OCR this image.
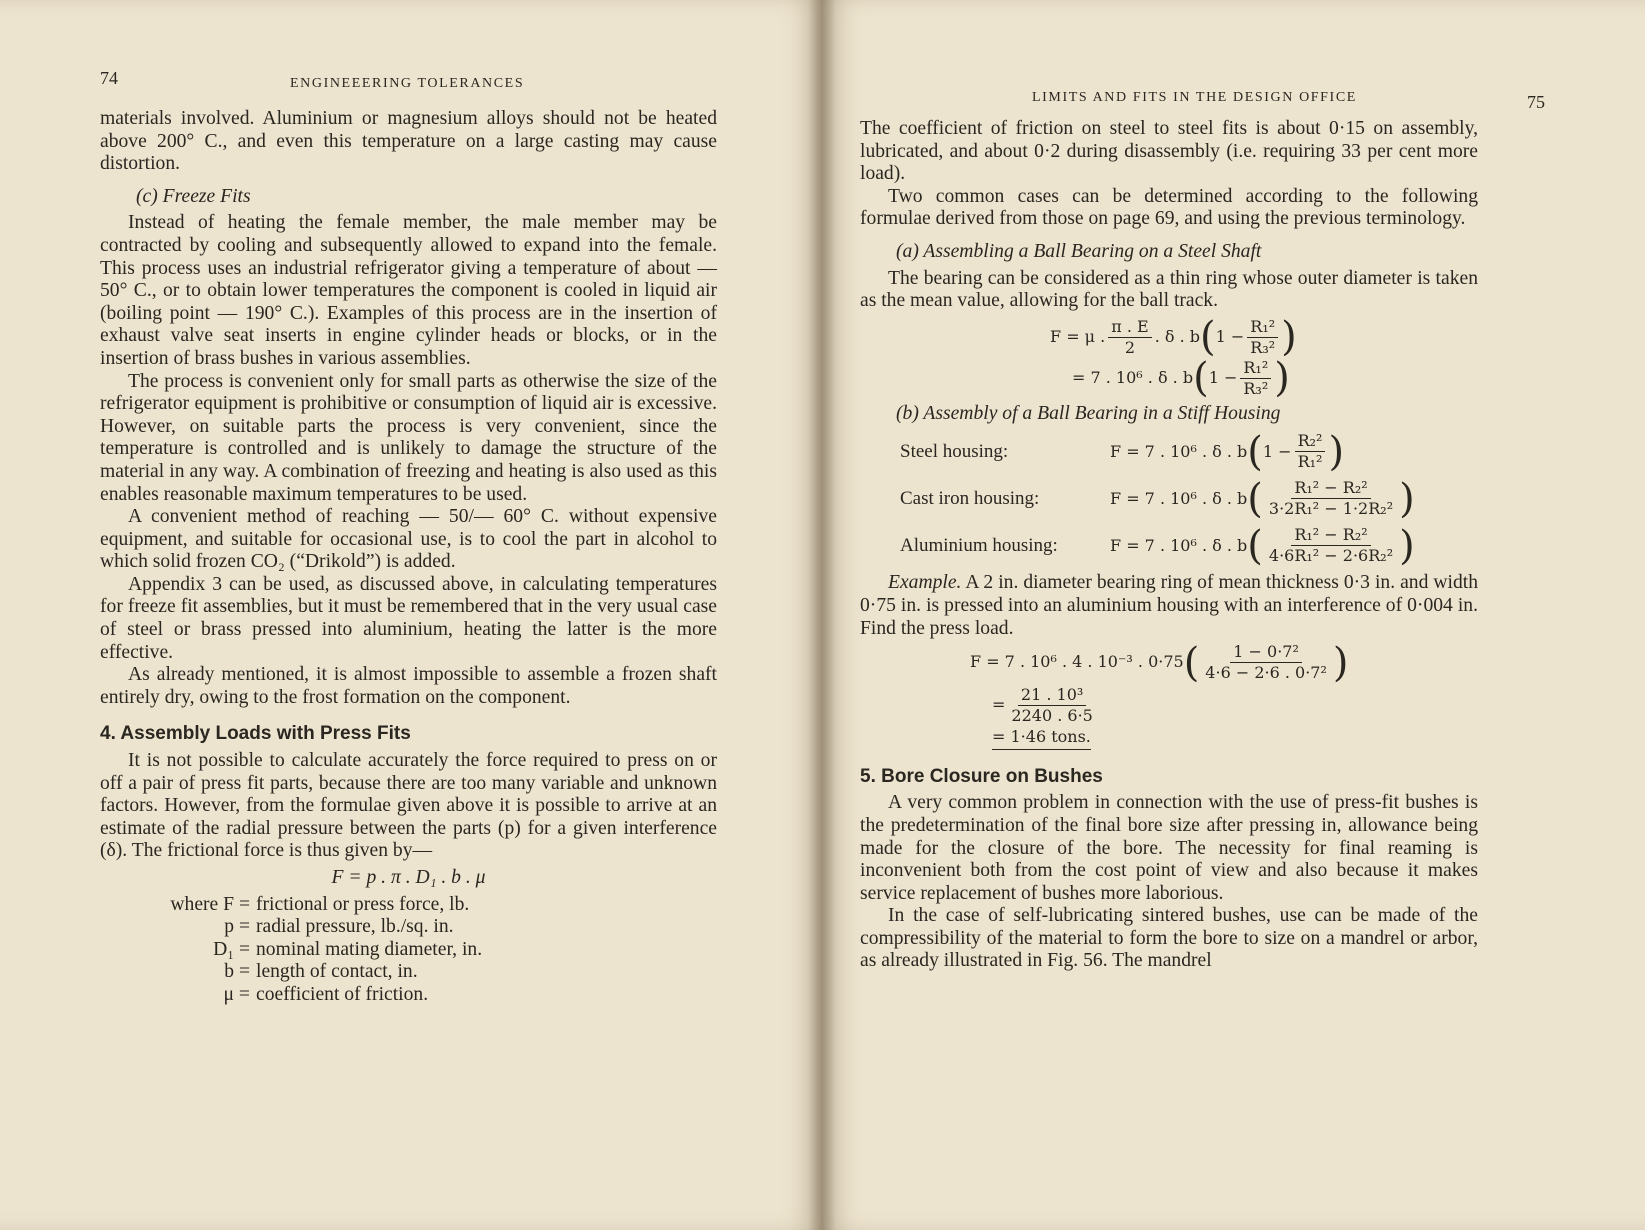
74	ENGINEEERING TOLERANCES

materials involved. Aluminium or magnesium alloys should not be heated above 200° C., and even this temperature on a large casting may cause distortion.

(c) Freeze Fits

Instead of heating the female member, the male member may be contracted by cooling and subsequently allowed to expand into the female. This process uses an industrial refrigerator giving a temperature of about — 50° C., or to obtain lower temperatures the component is cooled in liquid air (boiling point — 190° C.). Examples of this process are in the insertion of exhaust valve seat inserts in engine cylinder heads or blocks, or in the insertion of brass bushes in various assemblies.

The process is convenient only for small parts as otherwise the size of the refrigerator equipment is prohibitive or consumption of liquid air is excessive. However, on suitable parts the process is very convenient, since the temperature is controlled and is unlikely to damage the structure of the material in any way. A combination of freezing and heating is also used as this enables reasonable maximum temperatures to be used.

A convenient method of reaching — 50/— 60° C. without expensive equipment, and suitable for occasional use, is to cool the part in alcohol to which solid frozen CO₂ (“Drikold”) is added.

Appendix 3 can be used, as discussed above, in calculating temperatures for freeze fit assemblies, but it must be remembered that in the very usual case of steel or brass pressed into aluminium, heating the latter is the more effective.

As already mentioned, it is almost impossible to assemble a frozen shaft entirely dry, owing to the frost formation on the component.

4. Assembly Loads with Press Fits

It is not possible to calculate accurately the force required to press on or off a pair of press fit parts, because there are too many variable and unknown factors. However, from the formulae given above it is possible to arrive at an estimate of the radial pressure between the parts (p) for a given interference (δ). The frictional force is thus given by—

F = p . π . D₁ . b . μ
where F = frictional or press force, lb.
p = radial pressure, lb./sq. in.
D₁ = nominal mating diameter, in.
b = length of contact, in.
μ = coefficient of friction.
LIMITS AND FITS IN THE DESIGN OFFICE	75

The coefficient of friction on steel to steel fits is about 0·15 on assembly, lubricated, and about 0·2 during disassembly (i.e. requiring 33 per cent more load).

Two common cases can be determined according to the following formulae derived from those on page 69, and using the previous terminology.

(a) Assembling a Ball Bearing on a Steel Shaft

The bearing can be considered as a thin ring whose outer diameter is taken as the mean value, allowing for the ball track.

F = μ . $\frac{\pi . E}{2}$ . δ . b ( $1 - \frac{\text{R₁²}}{\text{R₃²}}$ )
= 7 . 10⁶ . δ . b ( $1 - \frac{\text{R₁²}}{\text{R₃²}}$ )

(b) Assembly of a Ball Bearing in a Stiff Housing

Steel housing:	F = 7 . 10⁶ . δ . b ( $1 - \frac{\text{R₂²}}{\text{R₁²}}$ )
Cast iron housing:	F = 7 . 10⁶ . δ . b ( $\frac{\text{R₁² − R₂²}}{\text{3·2R₁² − 1·2R₂²}}$ )
Aluminium housing:	F = 7 . 10⁶ . δ . b ( $\frac{\text{R₁² − R₂²}}{\text{4·6R₁² − 2·6R₂²}}$ )

Example. A 2 in. diameter bearing ring of mean thickness 0·3 in. and width 0·75 in. is pressed into an aluminium housing with an interference of 0·004 in. Find the press load.

F = 7 . 10⁶ . 4 . 10⁻³ . 0·75 ( $\frac{\text{1 − 0·7²}}{\text{4·6 − 2·6 . 0·7²}}$ )
= $\frac{\text{21 . 10³}}{2240 . 6\cdot 5}$
= 1·46 tons.

5. Bore Closure on Bushes

A very common problem in connection with the use of press-fit bushes is the predetermination of the final bore size after pressing in, allowance being made for the closure of the bore. The necessity for final reaming is inconvenient both from the cost point of view and also because it makes service replacement of bushes more laborious.

In the case of self-lubricating sintered bushes, use can be made of the compressibility of the material to form the bore to size on a mandrel or arbor, as already illustrated in Fig. 56. The mandrel
